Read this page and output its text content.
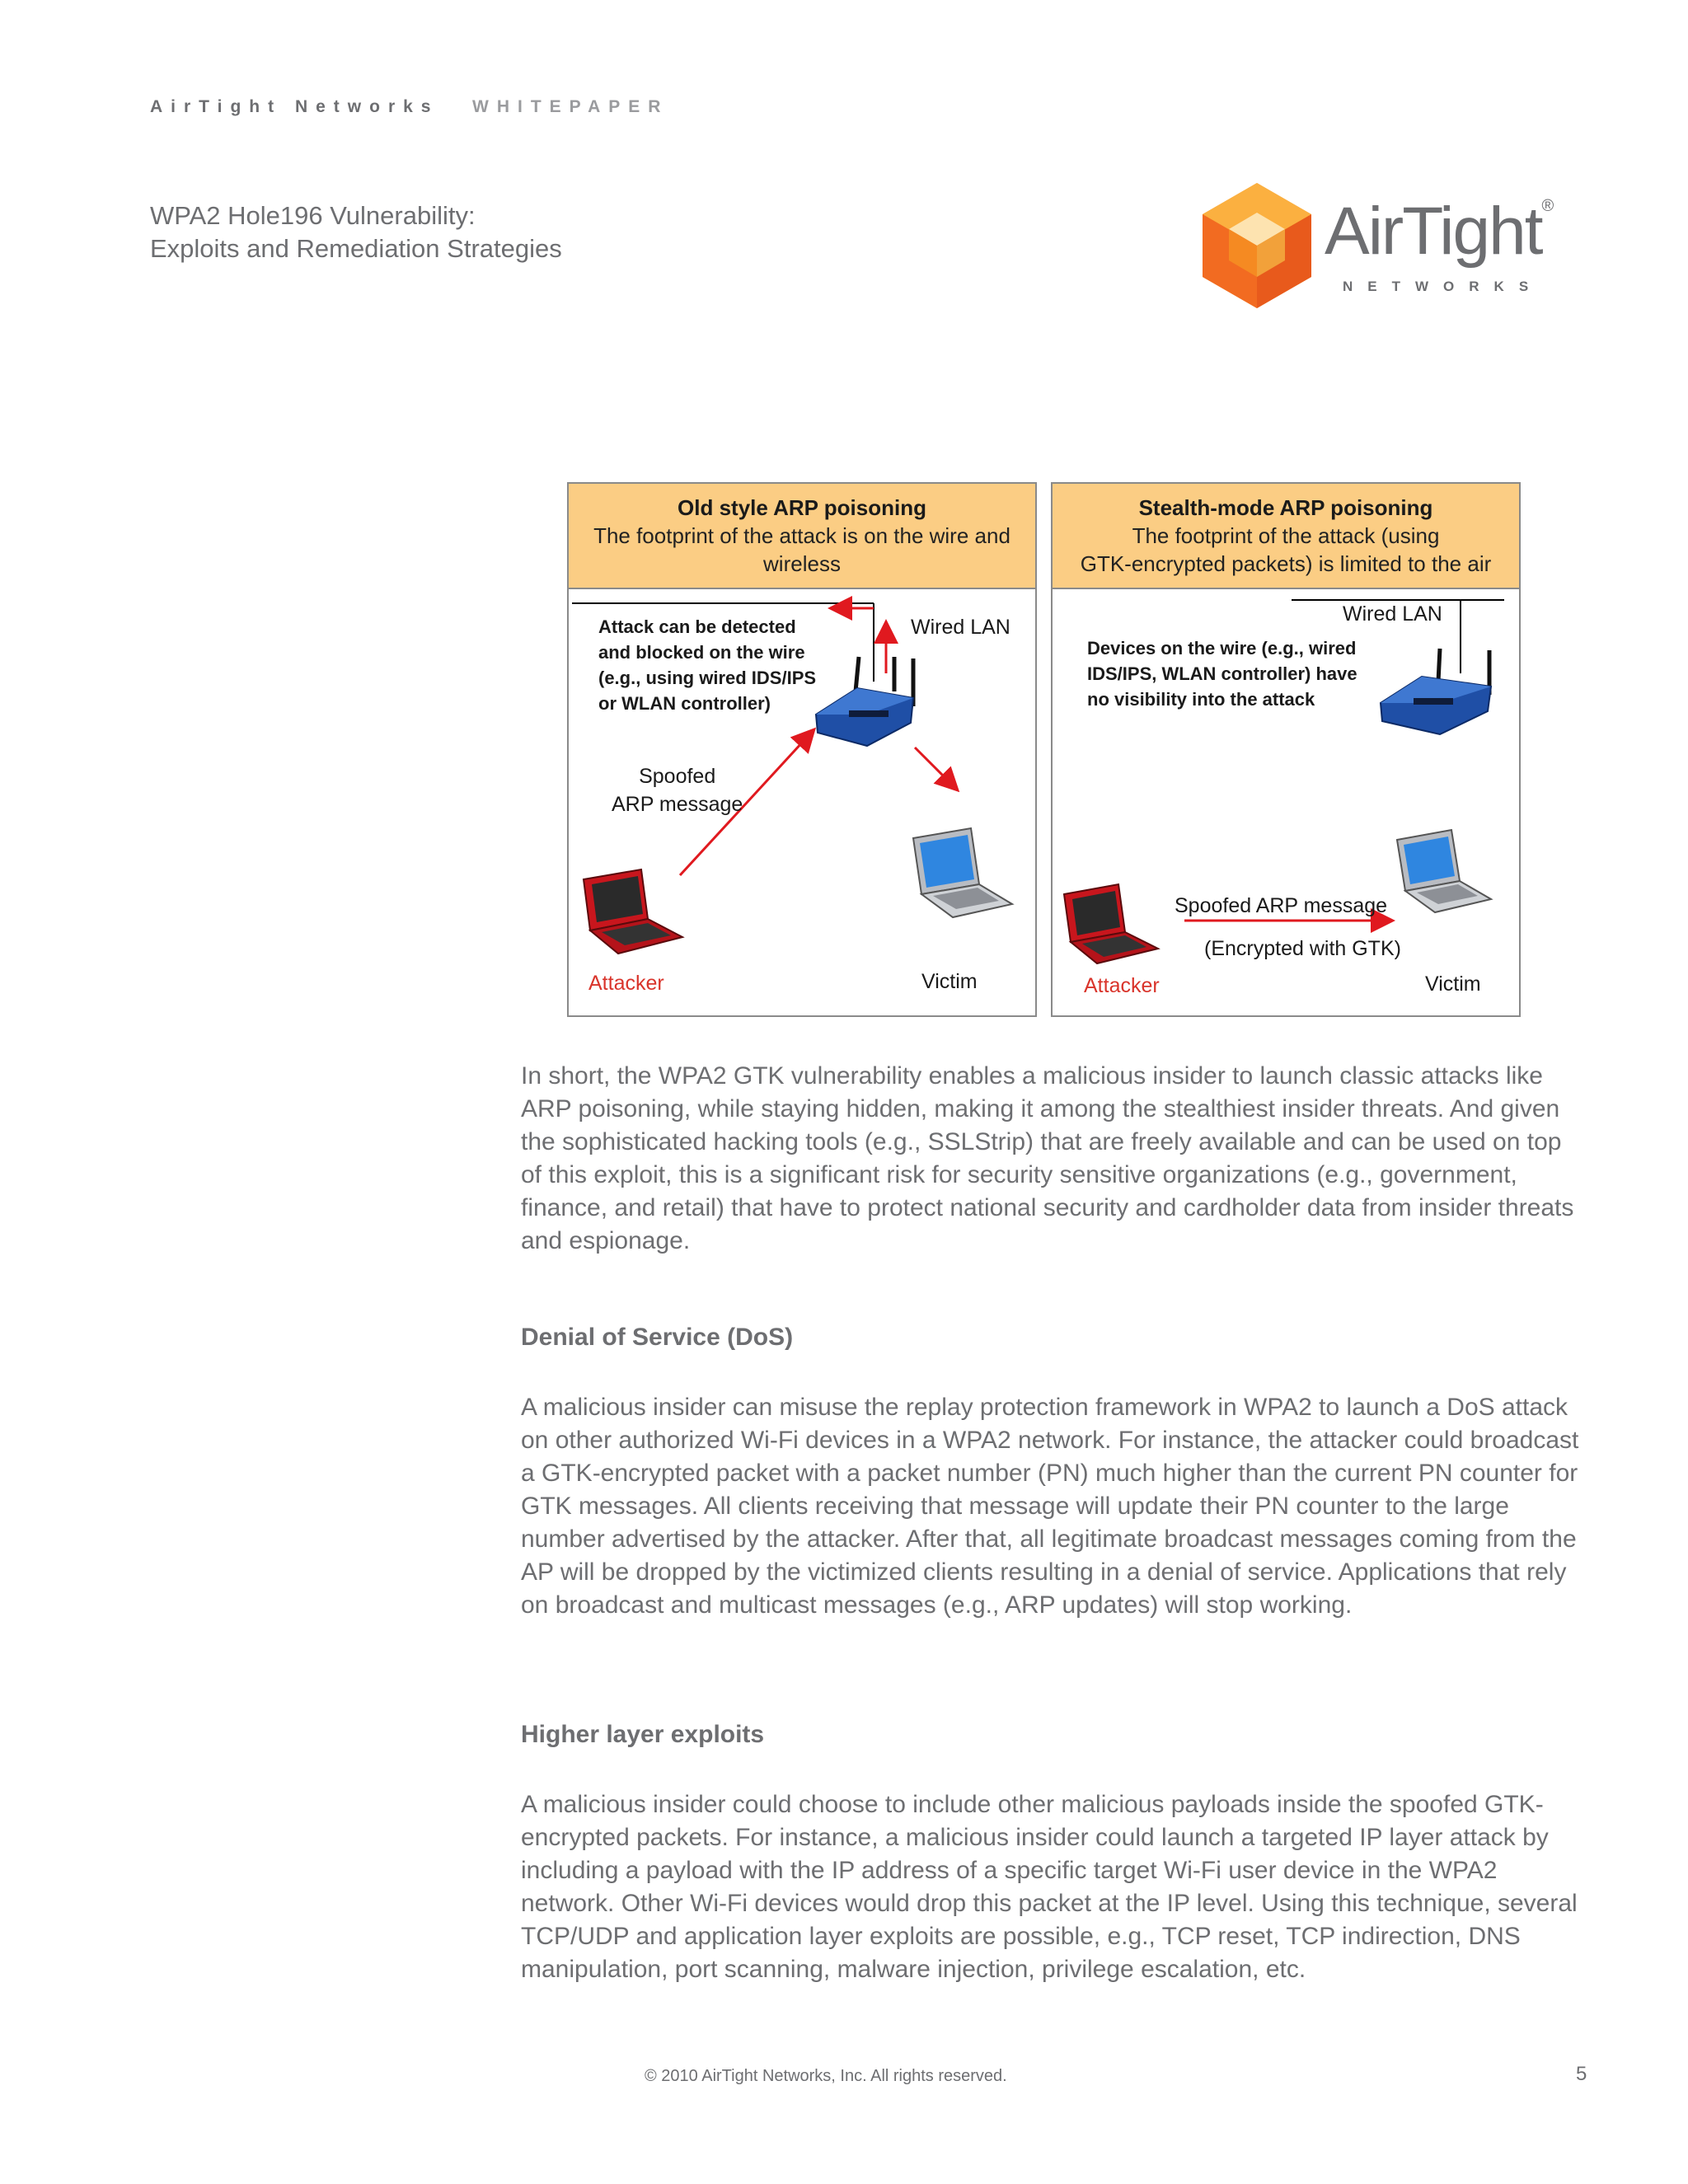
AirTight Networks WHITEPAPER
WPA2 Hole196 Vulnerability:
Exploits and Remediation Strategies	AirTight®
NETWORKS
Old style ARP poisoning
The footprint of the attack is on the wire and wireless
Wired LAN
Attack can be detected
and blocked on the wire
(e.g., using wired IDS/IPS
or WLAN controller)
Spoofed
ARP message
Attacker	Victim
Stealth-mode ARP poisoning
The footprint of the attack (using
GTK-encrypted packets) is limited to the air
Wired LAN
Devices on the wire (e.g., wired
IDS/IPS, WLAN controller) have
no visibility into the attack
Spoofed ARP message
(Encrypted with GTK)
Attacker	Victim

In short, the WPA2 GTK vulnerability enables a malicious insider to launch classic attacks like ARP poisoning, while staying hidden, making it among the stealthiest insider threats. And given the sophisticated hacking tools (e.g., SSLStrip) that are freely available and can be used on top of this exploit, this is a significant risk for security sensitive organizations (e.g., government, finance, and retail) that have to protect national security and cardholder data from insider threats and espionage.

Denial of Service (DoS)

A malicious insider can misuse the replay protection framework in WPA2 to launch a DoS attack on other authorized Wi-Fi devices in a WPA2 network. For instance, the attacker could broadcast a GTK-encrypted packet with a packet number (PN) much higher than the current PN counter for GTK messages. All clients receiving that message will update their PN counter to the large number advertised by the attacker. After that, all legitimate broadcast messages coming from the AP will be dropped by the victimized clients resulting in a denial of service. Applications that rely on broadcast and multicast messages (e.g., ARP updates) will stop working.

Higher layer exploits

A malicious insider could choose to include other malicious payloads inside the spoofed GTK-encrypted packets. For instance, a malicious insider could launch a targeted IP layer attack by including a payload with the IP address of a specific target Wi-Fi user device in the WPA2 network. Other Wi-Fi devices would drop this packet at the IP level. Using this technique, several TCP/UDP and application layer exploits are possible, e.g., TCP reset, TCP indirection, DNS manipulation, port scanning, malware injection, privilege escalation, etc.

© 2010 AirTight Networks, Inc. All rights reserved.	5
